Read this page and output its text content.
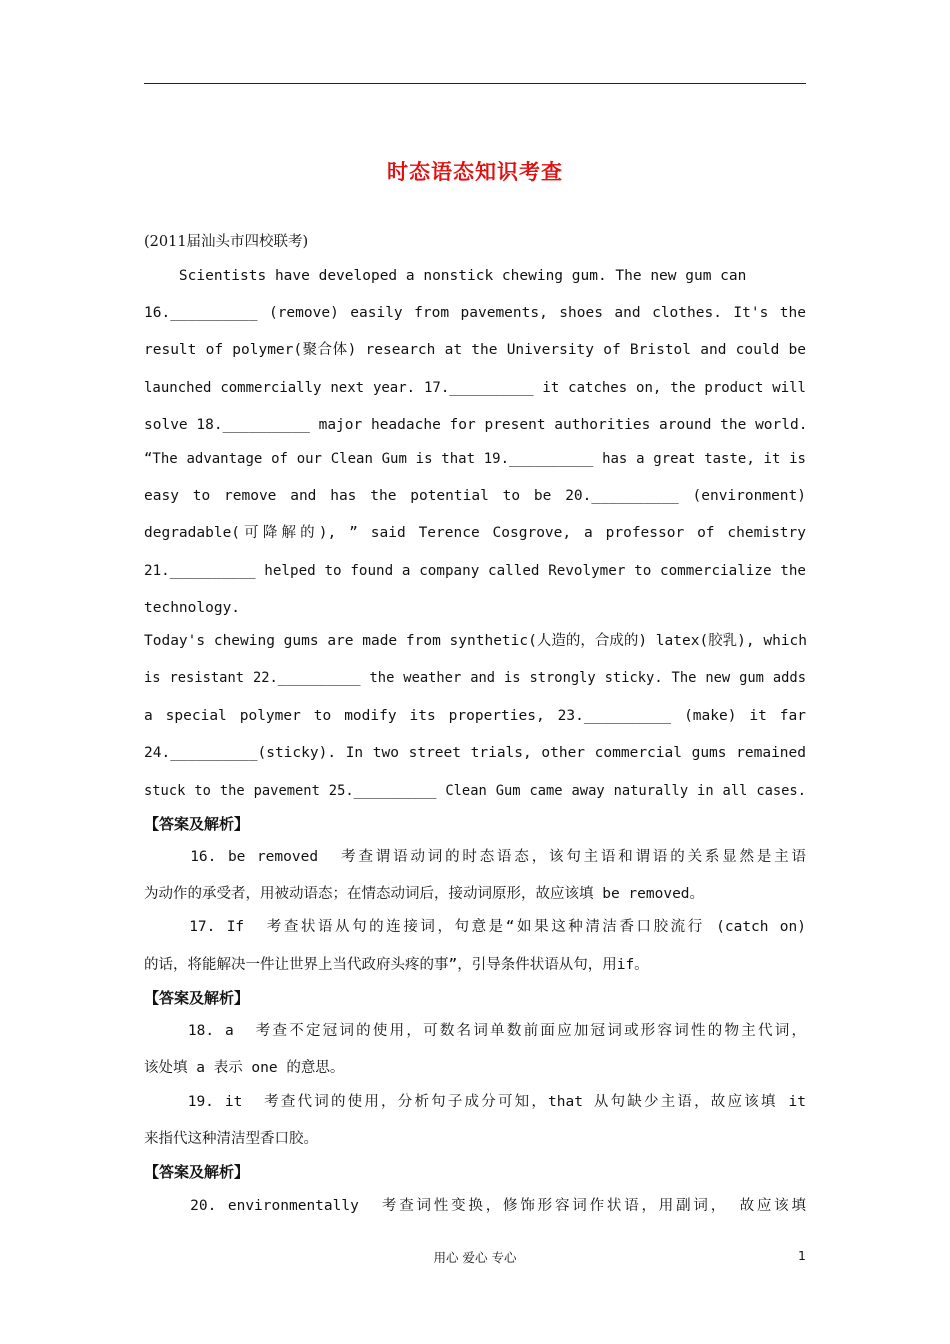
时态语态知识考查
(2011届汕头市四校联考)
Scientists have developed a nonstick chewing gum. The new gum can
16.__________ (remove) easily from pavements, shoes and clothes. It's the
result of polymer(聚合体) research at the University of Bristol and could be
launched commercially next year. 17.__________ it catches on, the product will
solve 18.__________ major headache for present authorities around the world.
“The advantage of our Clean Gum is that 19.__________ has a great taste, it is
easy to remove and has the potential to be 20.__________ (environment)
degradable(可降解的), ” said Terence Cosgrove, a professor of chemistry
21.__________ helped to found a company called Revolymer to commercialize the
technology.
Today's chewing gums are made from synthetic(人造的，合成的) latex(胶乳), which
is resistant 22.__________ the weather and is strongly sticky. The new gum adds
a special polymer to modify its properties, 23.__________ (make) it far
24.__________(sticky). In two street trials, other commercial gums remained
stuck to the pavement 25.__________ Clean Gum came away naturally in all cases.
【答案及解析】
16. be removed  考查谓语动词的时态语态，该句主语和谓语的关系显然是主语
为动作的承受者，用被动语态；在情态动词后，接动词原形，故应该填 be removed。
17. If  考查状语从句的连接词，句意是“如果这种清洁香口胶流行 (catch on)
的话，将能解决一件让世界上当代政府头疼的事”，引导条件状语从句，用if。
【答案及解析】
18. a  考查不定冠词的使用，可数名词单数前面应加冠词或形容词性的物主代词，
该处填 a 表示 one 的意思。
19. it  考查代词的使用，分析句子成分可知，that 从句缺少主语，故应该填 it
来指代这种清洁型香口胶。
【答案及解析】
20. environmentally  考查词性变换，修饰形容词作状语，用副词， 故应该填
用心 爱心 专心	1
